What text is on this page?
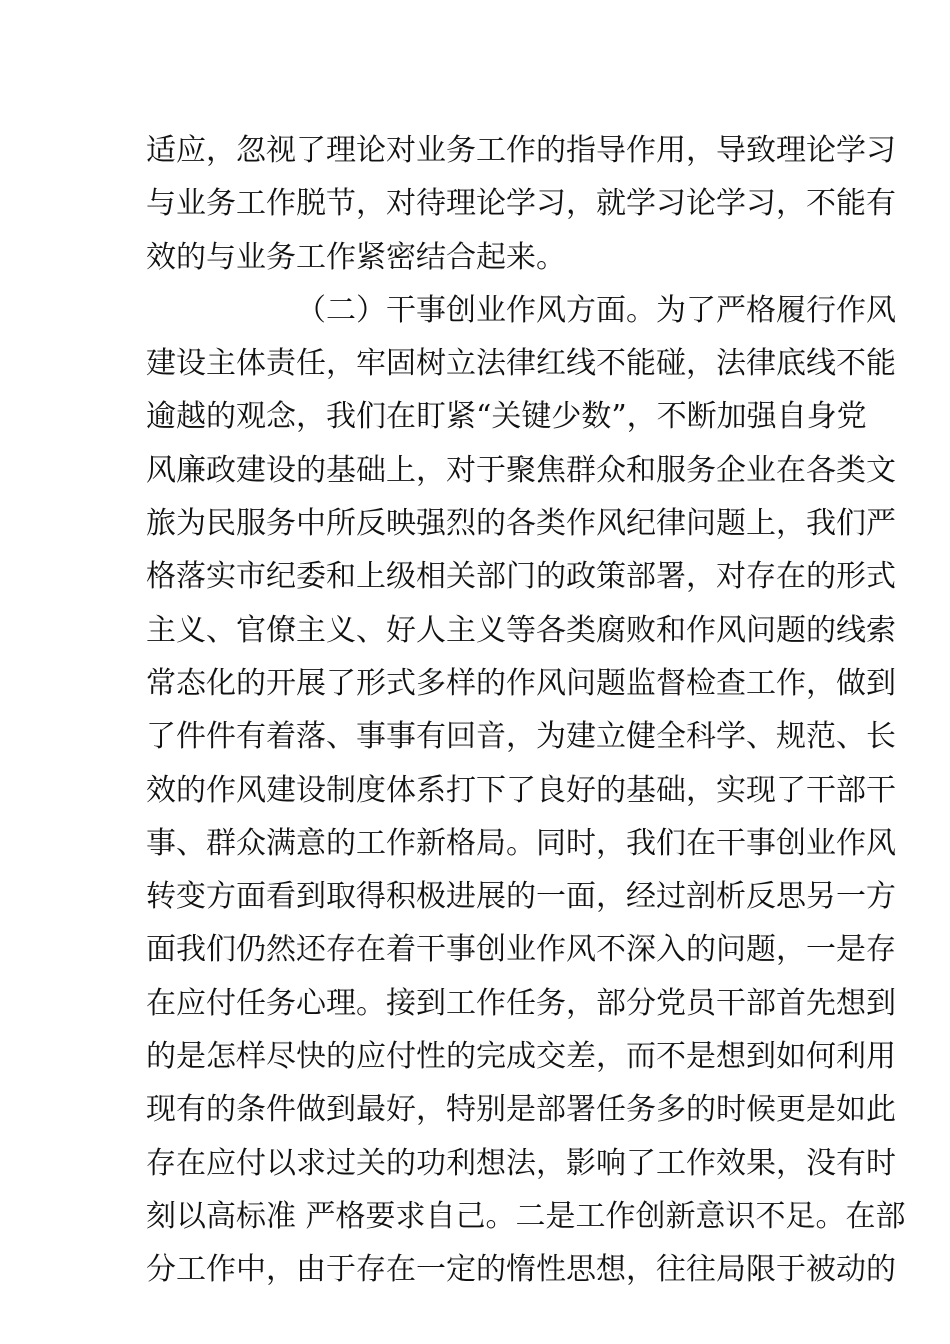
适应，忽视了理论对业务工作的指导作用，导致理论学习
与业务工作脱节，对待理论学习，就学习论学习，不能有
效的与业务工作紧密结合起来。
（二）干事创业作风方面。为了严格履行作风
建设主体责任，牢固树立法律红线不能碰，法律底线不能
逾越的观念，我们在盯紧“关键少数”，不断加强自身党
风廉政建设的基础上，对于聚焦群众和服务企业在各类文
旅为民服务中所反映强烈的各类作风纪律问题上，我们严
格落实市纪委和上级相关部门的政策部署，对存在的形式
主义、官僚主义、好人主义等各类腐败和作风问题的线索
常态化的开展了形式多样的作风问题监督检查工作，做到
了件件有着落、事事有回音，为建立健全科学、规范、长
效的作风建设制度体系打下了良好的基础，实现了干部干
事、群众满意的工作新格局。同时，我们在干事创业作风
转变方面看到取得积极进展的一面，经过剖析反思另一方
面我们仍然还存在着干事创业作风不深入的问题，一是存
在应付任务心理。接到工作任务，部分党员干部首先想到
的是怎样尽快的应付性的完成交差，而不是想到如何利用
现有的条件做到最好，特别是部署任务多的时候更是如此
存在应付以求过关的功利想法，影响了工作效果，没有时
刻以高标准 严格要求自己。二是工作创新意识不足。在部
分工作中，由于存在一定的惰性思想，往往局限于被动的
